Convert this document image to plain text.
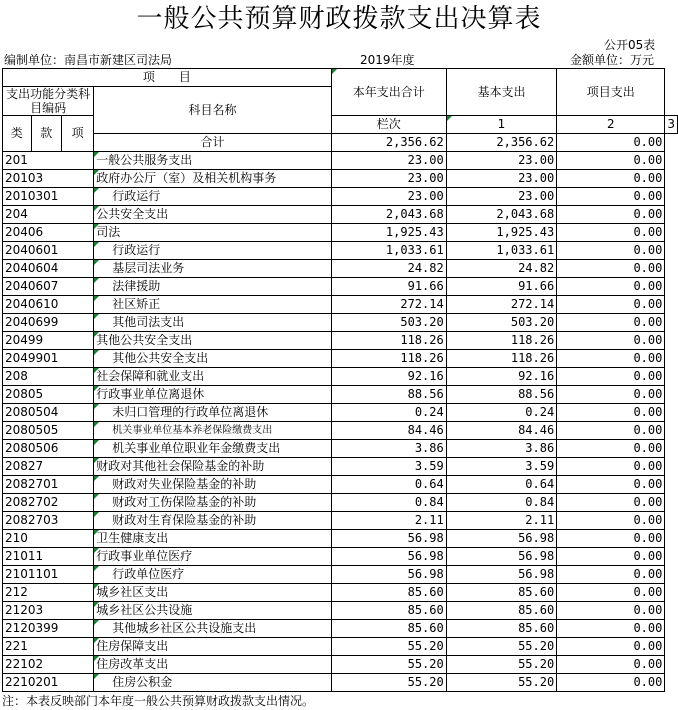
一般公共预算财政拨款支出决算表
公开05表
编制单位：南昌市新建区司法局	2019年度	金额单位：万元
项　　目				本年支出合计	基本支出	项目支出	
支出功能分类科目编码			科目名称				

类	款	项		栏次	1	2	3
			合计	2,356.62	2,356.62	0.00	
201			一般公共服务支出	23.00	23.00	0.00	
20103			政府办公厅（室）及相关机构事务	23.00	23.00	0.00	
2010301			行政运行	23.00	23.00	0.00	
204			公共安全支出	2,043.68	2,043.68	0.00	
20406			司法	1,925.43	1,925.43	0.00	
2040601			行政运行	1,033.61	1,033.61	0.00	
2040604			基层司法业务	24.82	24.82	0.00	
2040607			法律援助	91.66	91.66	0.00	
2040610			社区矫正	272.14	272.14	0.00	
2040699			其他司法支出	503.20	503.20	0.00	
20499			其他公共安全支出	118.26	118.26	0.00	
2049901			其他公共安全支出	118.26	118.26	0.00	
208			社会保障和就业支出	92.16	92.16	0.00	
20805			行政事业单位离退休	88.56	88.56	0.00	
2080504			未归口管理的行政单位离退休	0.24	0.24	0.00	
2080505			机关事业单位基本养老保险缴费支出	84.46	84.46	0.00	
2080506			机关事业单位职业年金缴费支出	3.86	3.86	0.00	
20827			财政对其他社会保险基金的补助	3.59	3.59	0.00	
2082701			财政对失业保险基金的补助	0.64	0.64	0.00	
2082702			财政对工伤保险基金的补助	0.84	0.84	0.00	
2082703			财政对生育保险基金的补助	2.11	2.11	0.00	
210			卫生健康支出	56.98	56.98	0.00	
21011			行政事业单位医疗	56.98	56.98	0.00	
2101101			行政单位医疗	56.98	56.98	0.00	
212			城乡社区支出	85.60	85.60	0.00	
21203			城乡社区公共设施	85.60	85.60	0.00	
2120399			其他城乡社区公共设施支出	85.60	85.60	0.00	
221			住房保障支出	55.20	55.20	0.00	
22102			住房改革支出	55.20	55.20	0.00	
2210201			住房公积金	55.20	55.20	0.00	
注：本表反映部门本年度一般公共预算财政拨款支出情况。
